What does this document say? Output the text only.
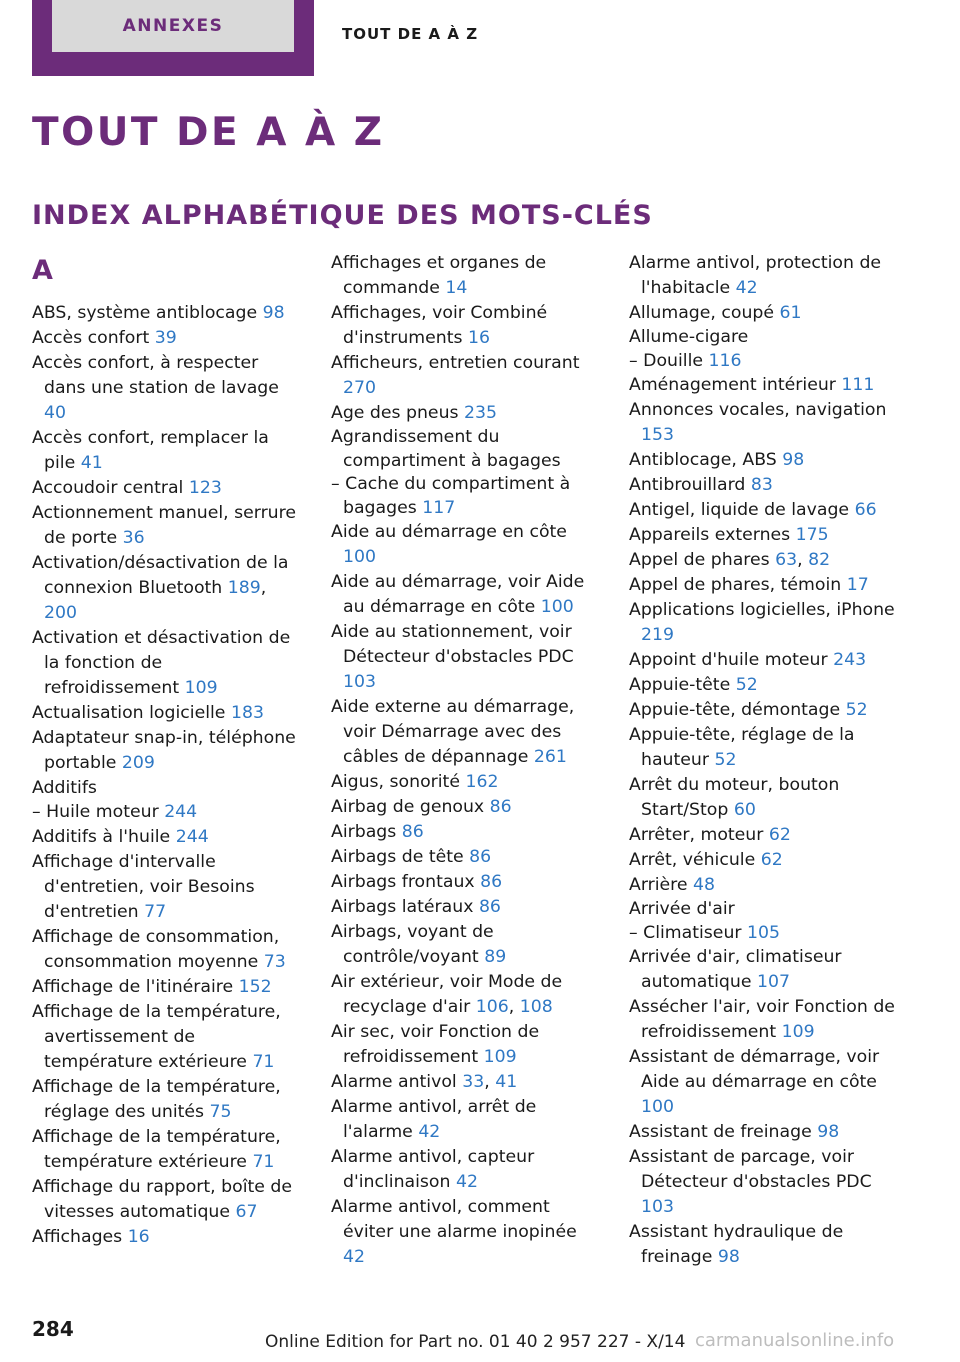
ANNEXES	TOUT DE A À Z
TOUT DE A À Z
INDEX ALPHABÉTIQUE DES MOTS-CLÉS
A
ABS, système antiblocage 98
Accès confort 39
Accès confort, à respecter dans une station de lavage 40
Accès confort, remplacer la pile 41
Accoudoir central 123
Actionnement manuel, serrure de porte 36
Activation/désactivation de la connexion Bluetooth 189, 200
Activation et désactivation de la fonction de refroidissement 109
Actualisation logicielle 183
Adaptateur snap-in, téléphone portable 209
Additifs
– Huile moteur 244
Additifs à l'huile 244
Affichage d'intervalle d'entretien, voir Besoins d'entretien 77
Affichage de consommation, consommation moyenne 73
Affichage de l'itinéraire 152
Affichage de la température, avertissement de température extérieure 71
Affichage de la température, réglage des unités 75
Affichage de la température, température extérieure 71
Affichage du rapport, boîte de vitesses automatique 67
Affichages 16
Affichages et organes de commande 14
Affichages, voir Combiné d'instruments 16
Afficheurs, entretien courant 270
Age des pneus 235
Agrandissement du compartiment à bagages
– Cache du compartiment à bagages 117
Aide au démarrage en côte 100
Aide au démarrage, voir Aide au démarrage en côte 100
Aide au stationnement, voir Détecteur d'obstacles PDC 103
Aide externe au démarrage, voir Démarrage avec des câbles de dépannage 261
Aigus, sonorité 162
Airbag de genoux 86
Airbags 86
Airbags de tête 86
Airbags frontaux 86
Airbags latéraux 86
Airbags, voyant de contrôle/voyant 89
Air extérieur, voir Mode de recyclage d'air 106, 108
Air sec, voir Fonction de refroidissement 109
Alarme antivol 33, 41
Alarme antivol, arrêt de l'alarme 42
Alarme antivol, capteur d'inclinaison 42
Alarme antivol, comment éviter une alarme inopinée 42
Alarme antivol, protection de l'habitacle 42
Allumage, coupé 61
Allume-cigare
– Douille 116
Aménagement intérieur 111
Annonces vocales, navigation 153
Antiblocage, ABS 98
Antibrouillard 83
Antigel, liquide de lavage 66
Appareils externes 175
Appel de phares 63, 82
Appel de phares, témoin 17
Applications logicielles, iPhone 219
Appoint d'huile moteur 243
Appuie-tête 52
Appuie-tête, démontage 52
Appuie-tête, réglage de la hauteur 52
Arrêt du moteur, bouton Start/Stop 60
Arrêter, moteur 62
Arrêt, véhicule 62
Arrière 48
Arrivée d'air
– Climatiseur 105
Arrivée d'air, climatiseur automatique 107
Assécher l'air, voir Fonction de refroidissement 109
Assistant de démarrage, voir Aide au démarrage en côte 100
Assistant de freinage 98
Assistant de parcage, voir Détecteur d'obstacles PDC 103
Assistant hydraulique de freinage 98
284
Online Edition for Part no. 01 40 2 957 227 - X/14 carmanualsonline.info
